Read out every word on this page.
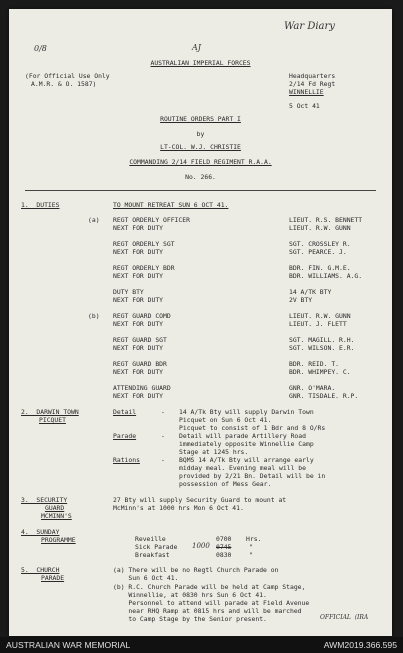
War Diary
0/8	AJ
AUSTRALIAN IMPERIAL FORCES
(For Official Use Only
A.M.R. & O. 1587)
Headquarters
2/14 Fd Regt
WINNELLIE
5 Oct 41
ROUTINE ORDERS PART I
by
LT-COL. W.J. CHRISTIE
COMMANDING 2/14 FIELD REGIMENT R.A.A.
No. 266.
1.  DUTIES	TO MOUNT RETREAT SUN 6 OCT 41.
(a)
(b)
REGT ORDERLY OFFICER	LIEUT. R.S. BENNETT
NEXT FOR DUTY	LIEUT. R.W. GUNN
REGT ORDERLY SGT	SGT. CROSSLEY R.
NEXT FOR DUTY	SGT. PEARCE. J.
REGT ORDERLY BDR	BDR. FIN. G.M.E.
NEXT FOR DUTY	BDR. WILLIAMS. A.G.
DUTY BTY	14 A/TK BTY
NEXT FOR DUTY	2V BTY
REGT GUARD COMD	LIEUT. R.W. GUNN
NEXT FOR DUTY	LIEUT. J. FLETT
REGT GUARD SGT	SGT. MAGILL. R.H.
NEXT FOR DUTY	SGT. WILSON. E.R.
REGT GUARD BDR	BDR. REID. T.
NEXT FOR DUTY	BDR. WHIMPEY. C.
ATTENDING GUARD	GNR. O'MARA.
NEXT FOR DUTY	GNR. TISDALE. R.P.
2.  DARWIN TOWN
PICQUET
Detail	- 14 A/Tk Bty will supply Darwin Town
Picquet on Sun 6 Oct 41.
Picquet to consist of 1 Bdr and 8 O/Rs
Parade	- Detail will parade Artillery Road
immediately opposite Winnellie Camp
Stage at 1245 hrs.
Rations	- BQMS 14 A/Tk Bty will arrange early
midday meal. Evening meal will be
provided by 2/21 Bn. Detail will be in
possession of Mess Gear.
3.  SECURITY
GUARD
MCMINN'S
27 Bty will supply Security Guard to mount at
McMinn's at 1000 hrs Mon 6 Oct 41.
4.  SUNDAY
PROGRAMME	Reveille	0700 Hrs.
Sick Parade 1000 0745	"
Breakfast	0830	"
5.  CHURCH
PARADE
(a) There will be no Regtl Church Parade on
Sun 6 Oct 41.
(b) R.C. Church Parade will be held at Camp Stage,
Winnellie, at 0830 hrs Sun 6 Oct 41.
Personnel to attend will parade at Field Avenue
near RHQ Ramp at 0815 hrs and will be marched
to Camp Stage by the Senior present.	OFFICIAL  (IRA
AUSTRALIAN WAR MEMORIAL	AWM2019.366.595
